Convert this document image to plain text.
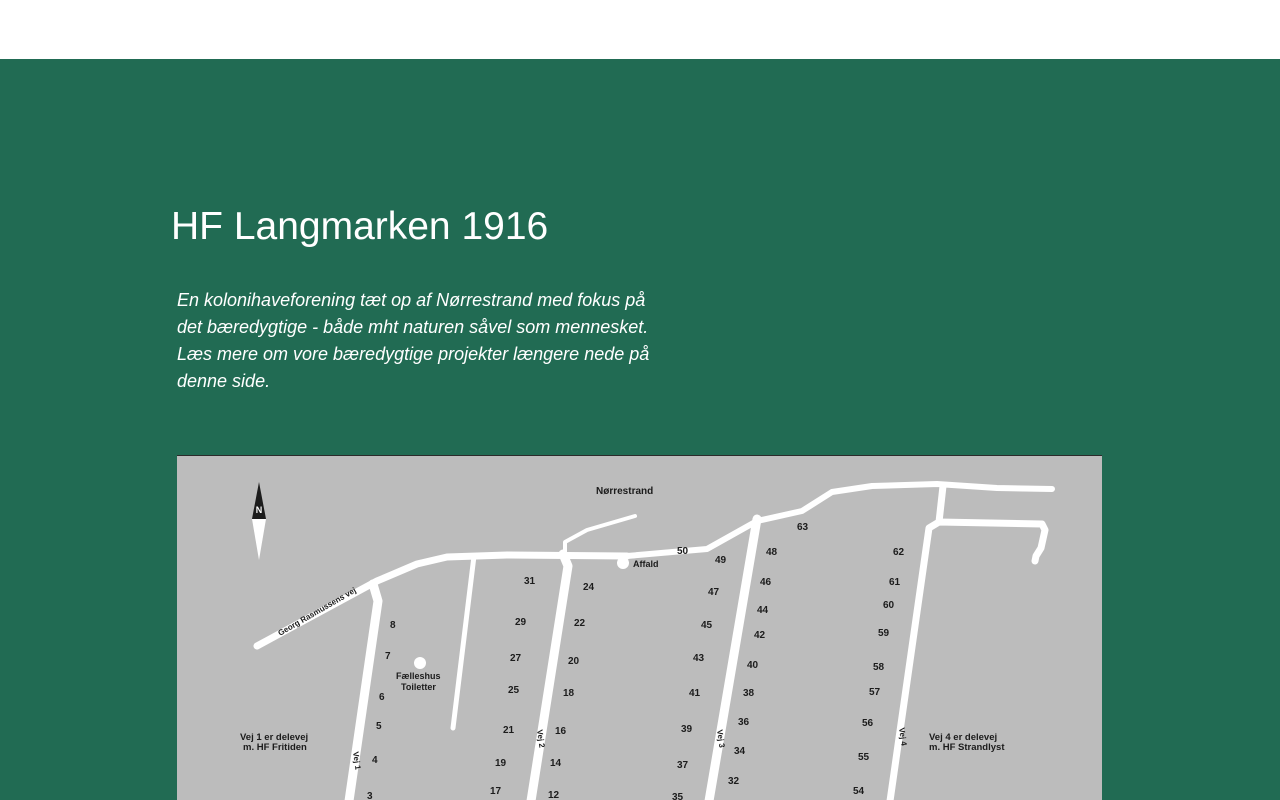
HF Langmarken 1916

En kolonihaveforening tæt op af Nørrestrand med fokus på det bæredygtige - både mht naturen såvel som mennesket. Læs mere om vore bæredygtige projekter længere nede på denne side.

N
Nørrestrand
Affald
Fælleshus
Toiletter
Georg Rasmussens vej
Vej 1
Vej 2	Vej 3	Vej 4
Vej 1 er delevej
m. HF Fritiden
Vej 4 er delevej
m. HF Strandlyst
63
62
61
60
59
58
57
56
55
54
50
49
48
47
46
45
44
43
42
41
40
39
38
37
36
35
34
32
31
29
27
25
24
22
21
20
19
18
17
16
14
12
8
7
6
5
4
3
